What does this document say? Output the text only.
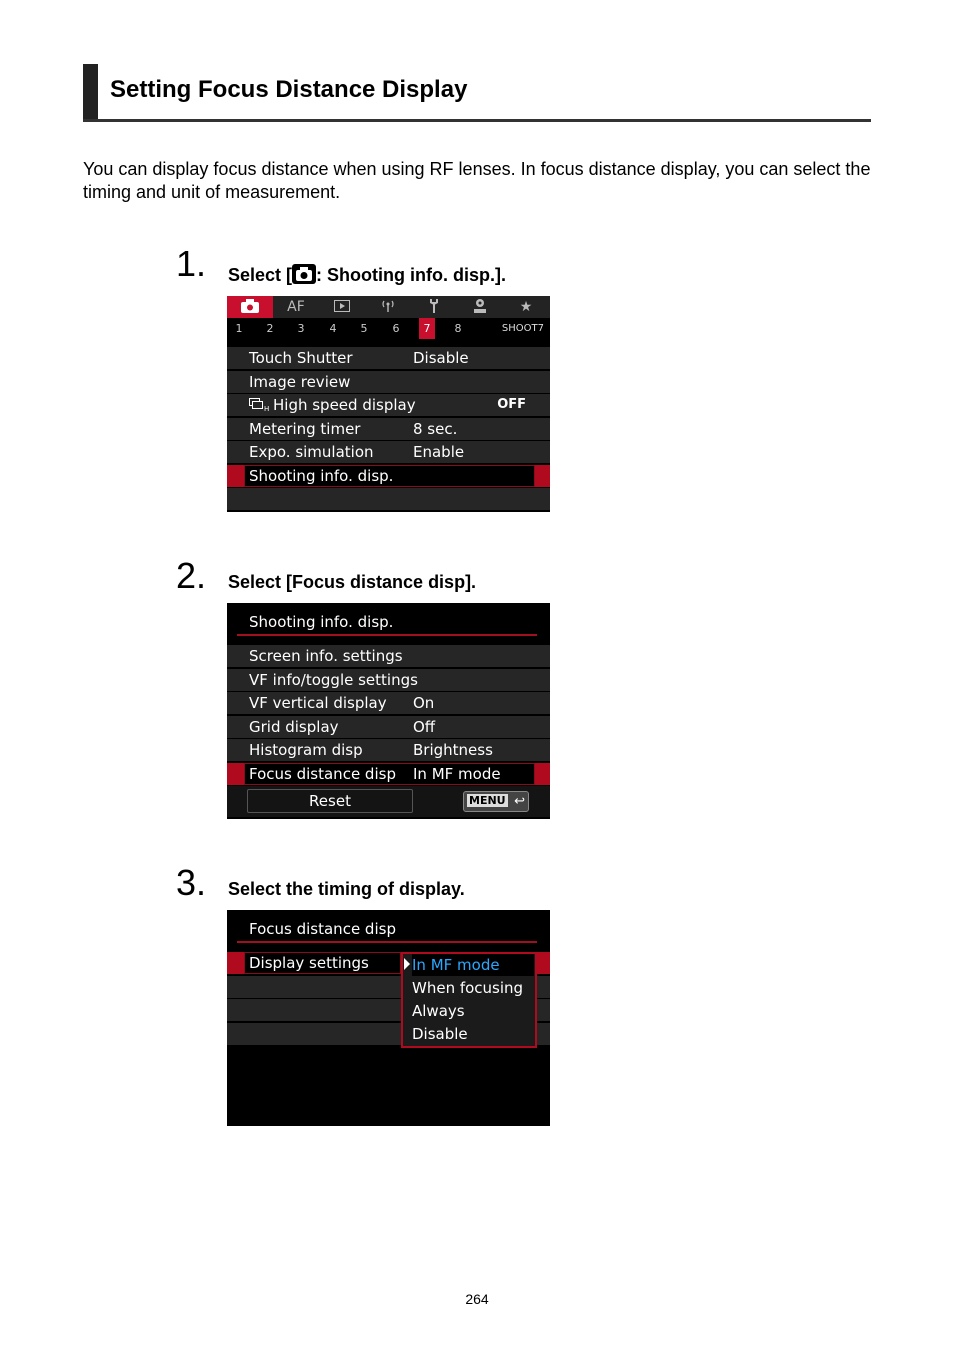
Setting Focus Distance Display
You can display focus distance when using RF lenses. In focus distance display, you can select the timing and unit of measurement.
1. Select [ : Shooting info. disp.].
AF	★
1	2	3	4	5	6	7	8	SHOOT7
Touch Shutter	Disable
Image review
H High speed display	OFF
Metering timer	8 sec.
Expo. simulation	Enable
Shooting info. disp.
2. Select [Focus distance disp].
Shooting info. disp.
Screen info. settings
VF info/toggle settings
VF vertical display On
Grid display	Off
Histogram disp	Brightness
Focus distance disp In MF mode
Reset	MENU ↩
3. Select the timing of display.
Focus distance disp
Display settings	In MF mode
When focusing
Always
Disable
264
